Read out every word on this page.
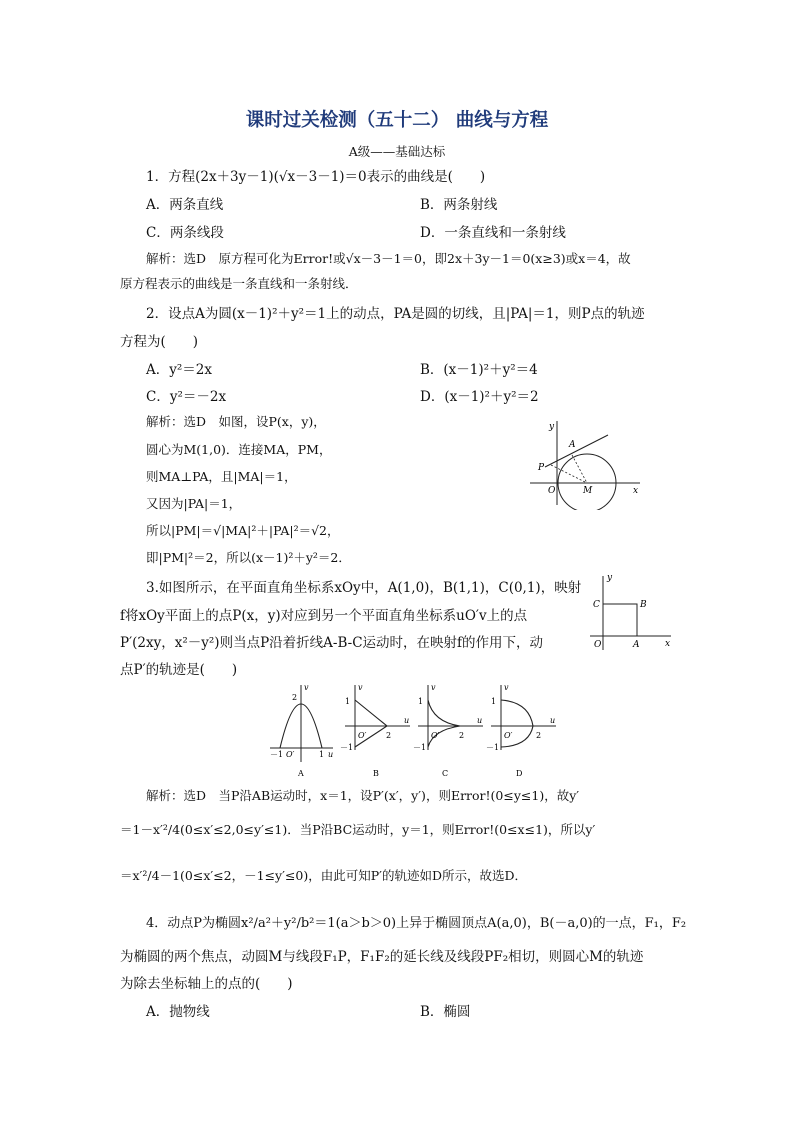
课时过关检测（五十二） 曲线与方程
A级——基础达标
1．方程(2x＋3y－1)(√x－3－1)＝0表示的曲线是(　　)
A．两条直线	B．两条射线
C．两条线段	D．一条直线和一条射线
解析：选D　原方程可化为Error!或√x－3－1＝0，即2x＋3y－1＝0(x≥3)或x＝4，故
原方程表示的曲线是一条直线和一条射线．
2．设点A为圆(x－1)²＋y²＝1上的动点，PA是圆的切线，且|PA|＝1，则P点的轨迹
方程为(　　)
A．y²＝2x	B．(x－1)²＋y²＝4
C．y²＝－2x	D．(x－1)²＋y²＝2
解析：选D　如图，设P(x，y)，
圆心为M(1,0)．连接MA，PM，
则MA⊥PA，且|MA|＝1，
又因为|PA|＝1，
所以|PM|＝√|MA|²＋|PA|²＝√2，
即|PM|²＝2，所以(x－1)²＋y²＝2．
y
x
A
P
O	M
3.如图所示，在平面直角坐标系xOy中，A(1,0)，B(1,1)，C(0,1)，映射
f将xOy平面上的点P(x，y)对应到另一个平面直角坐标系uO′v上的点
P′(2xy，x²－y²)则当点P沿着折线A-B-C运动时，在映射f的作用下，动
点P′的轨迹是(　　)
y
x
C	B
O	A
v
u
2
－1 O′	1
A
v
u
1
－1
O′ 2
B
v
u
1
－1
O′ 2
C
v
u
1
－1
O′	2
D
解析：选D　当P沿AB运动时，x＝1，设P′(x′，y′)，则Error!(0≤y≤1)，故y′
＝1－x′²/4(0≤x′≤2,0≤y′≤1)．当P沿BC运动时，y＝1，则Error!(0≤x≤1)，所以y′
＝x′²/4－1(0≤x′≤2，－1≤y′≤0)，由此可知P′的轨迹如D所示，故选D．
4．动点P为椭圆x²/a²＋y²/b²＝1(a＞b＞0)上异于椭圆顶点A(a,0)，B(－a,0)的一点，F₁，F₂
为椭圆的两个焦点，动圆M与线段F₁P，F₁F₂的延长线及线段PF₂相切，则圆心M的轨迹
为除去坐标轴上的点的(　　)
A．抛物线	B．椭圆
